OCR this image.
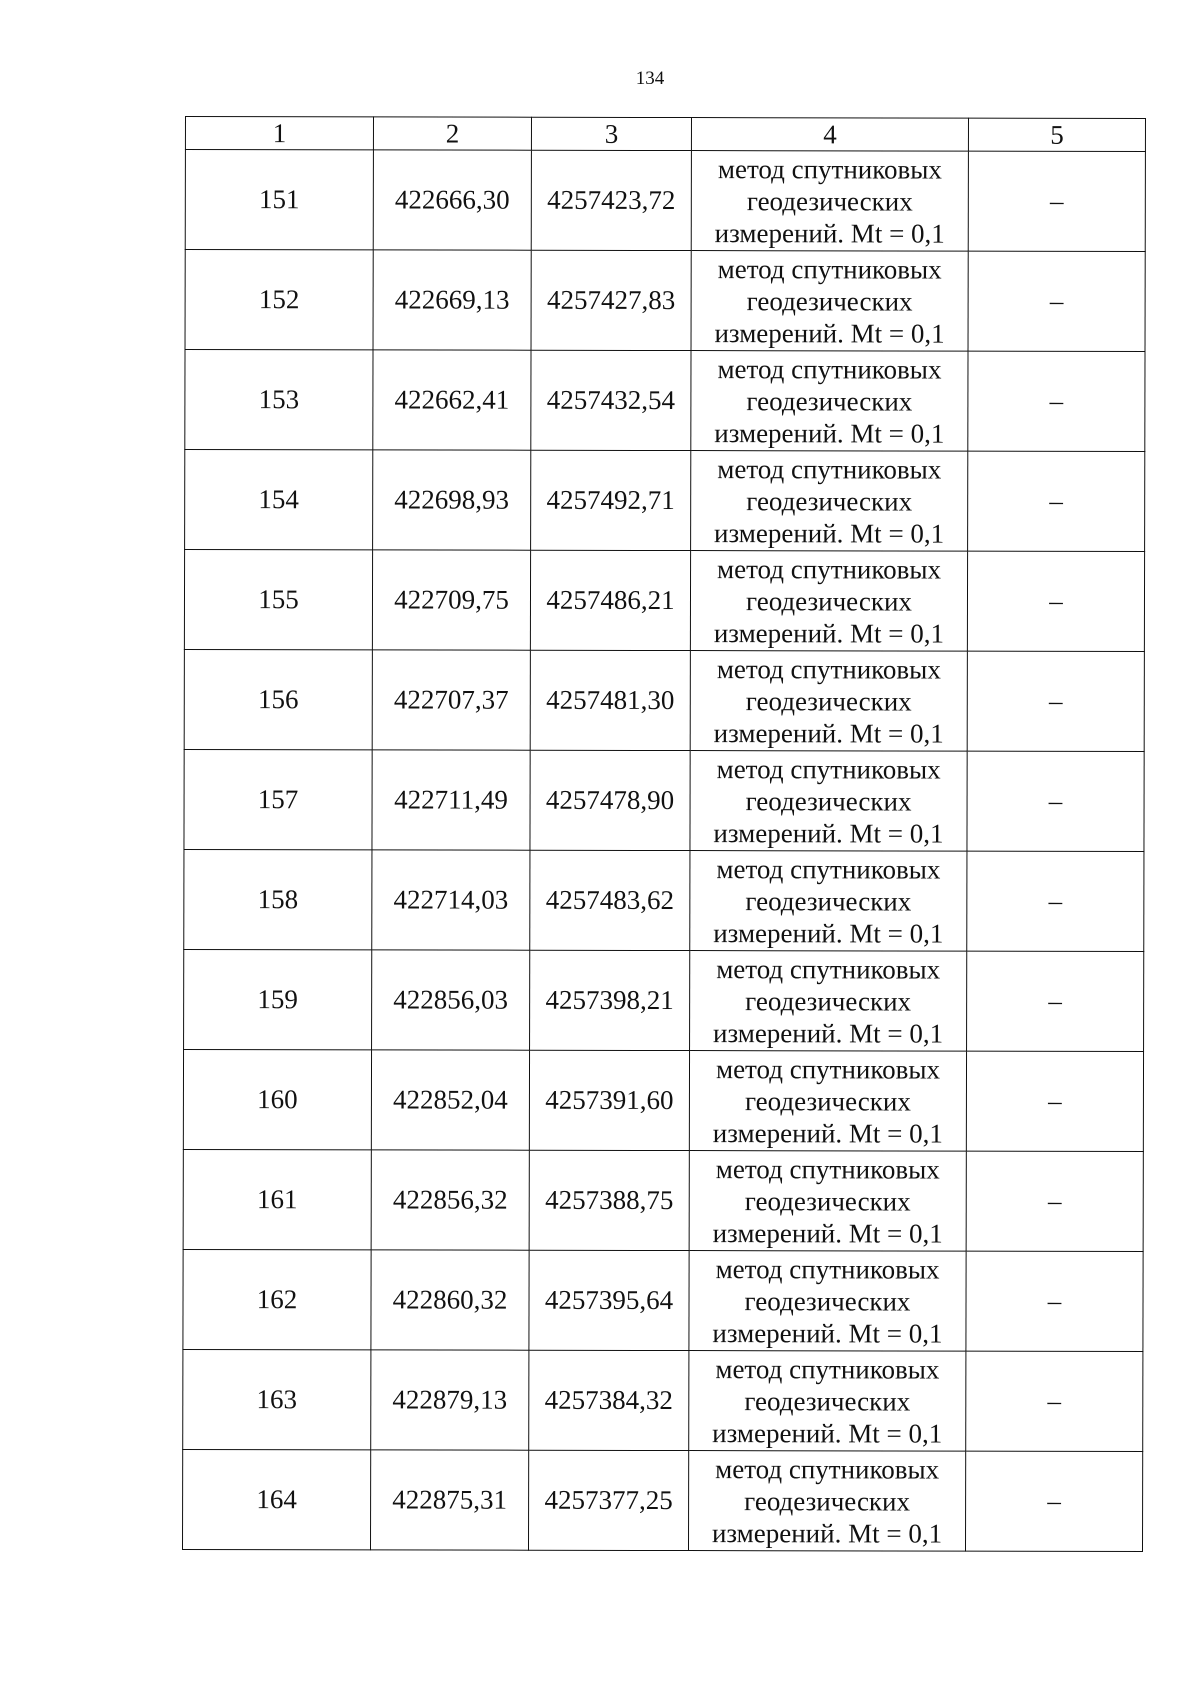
134
1	2	3	4	5
151	422666,30	4257423,72	метод спутниковых геодезических измерений. Mt = 0,1	–
152	422669,13	4257427,83	метод спутниковых геодезических измерений. Mt = 0,1	–
153	422662,41	4257432,54	метод спутниковых геодезических измерений. Mt = 0,1	–
154	422698,93	4257492,71	метод спутниковых геодезических измерений. Mt = 0,1	–
155	422709,75	4257486,21	метод спутниковых геодезических измерений. Mt = 0,1	–
156	422707,37	4257481,30	метод спутниковых геодезических измерений. Mt = 0,1	–
157	422711,49	4257478,90	метод спутниковых геодезических измерений. Mt = 0,1	–
158	422714,03	4257483,62	метод спутниковых геодезических измерений. Mt = 0,1	–
159	422856,03	4257398,21	метод спутниковых геодезических измерений. Mt = 0,1	–
160	422852,04	4257391,60	метод спутниковых геодезических измерений. Mt = 0,1	–
161	422856,32	4257388,75	метод спутниковых геодезических измерений. Mt = 0,1	–
162	422860,32	4257395,64	метод спутниковых геодезических измерений. Mt = 0,1	–
163	422879,13	4257384,32	метод спутниковых геодезических измерений. Mt = 0,1	–
164	422875,31	4257377,25	метод спутниковых геодезических измерений. Mt = 0,1	–
